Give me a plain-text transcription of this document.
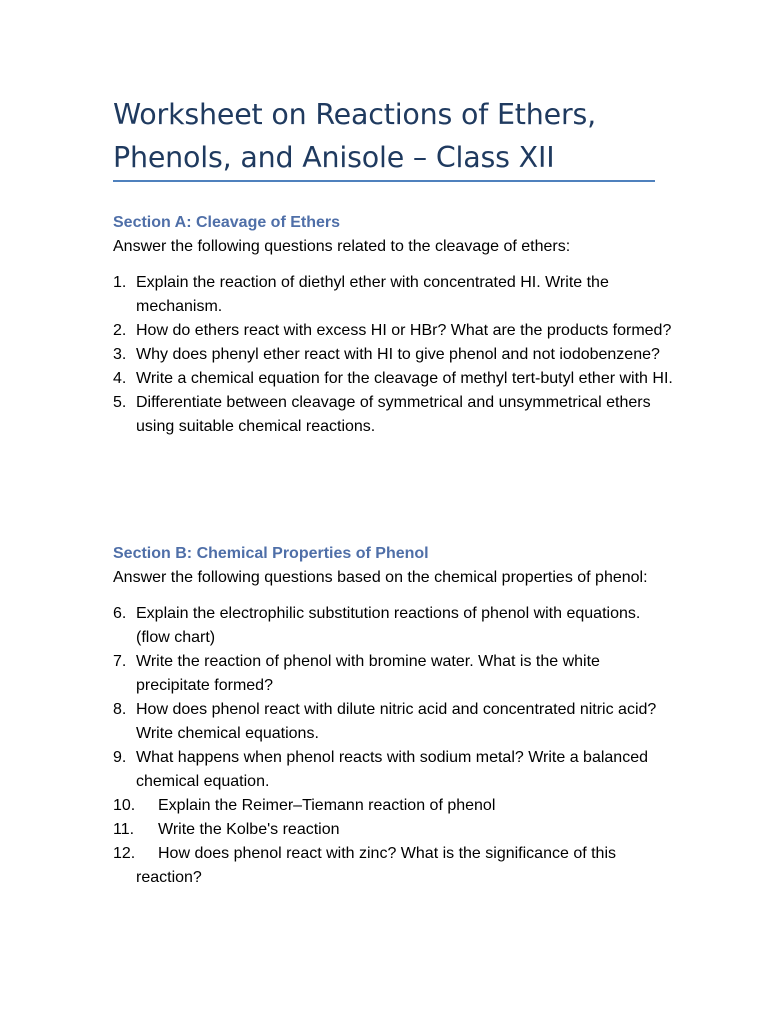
Worksheet on Reactions of Ethers, Phenols, and Anisole – Class XII

Section A: Cleavage of Ethers

Answer the following questions related to the cleavage of ethers:

1. Explain the reaction of diethyl ether with concentrated HI. Write the mechanism.
2. How do ethers react with excess HI or HBr? What are the products formed?
3. Why does phenyl ether react with HI to give phenol and not iodobenzene?
4. Write a chemical equation for the cleavage of methyl tert-butyl ether with HI.
5. Differentiate between cleavage of symmetrical and unsymmetrical ethers using suitable chemical reactions.

Section B: Chemical Properties of Phenol

Answer the following questions based on the chemical properties of phenol:

6. Explain the electrophilic substitution reactions of phenol with equations. (flow chart)
7. Write the reaction of phenol with bromine water. What is the white precipitate formed?
8. How does phenol react with dilute nitric acid and concentrated nitric acid? Write chemical equations.
9. What happens when phenol reacts with sodium metal? Write a balanced chemical equation.
10. Explain the Reimer–Tiemann reaction of phenol
11. Write the Kolbe's reaction
12. How does phenol react with zinc? What is the significance of this reaction?
